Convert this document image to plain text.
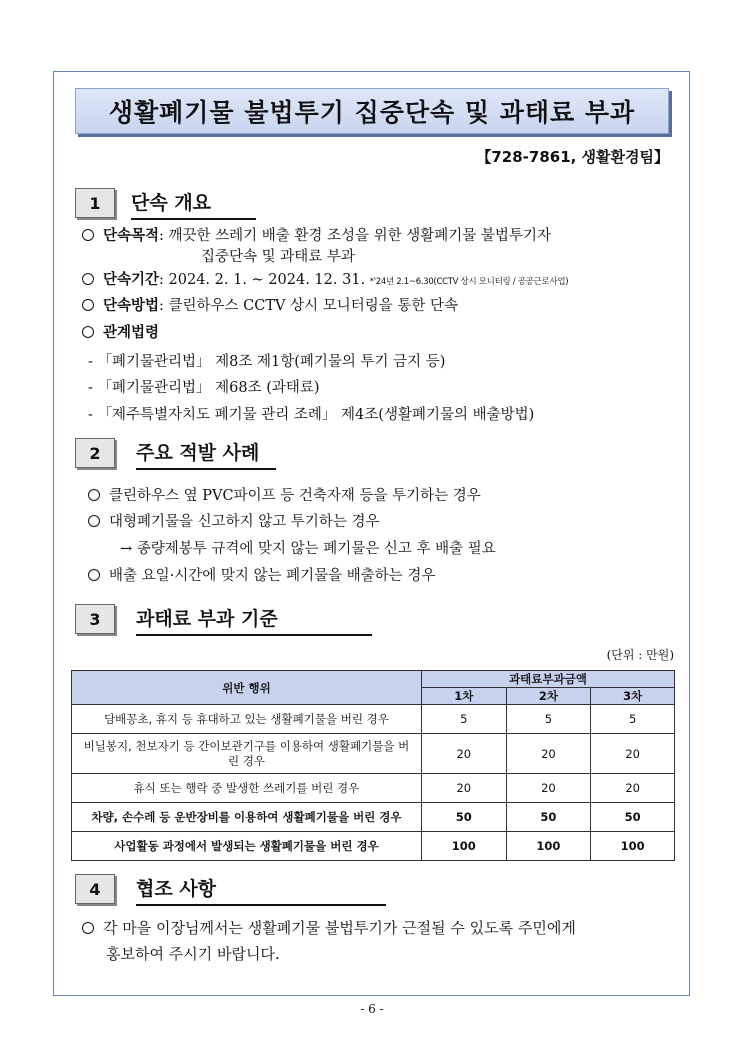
생활폐기물 불법투기 집중단속 및 과태료 부과
【728-7861, 생활환경팀】
1	단속 개요
단속목적: 깨끗한 쓰레기 배출 환경 조성을 위한 생활폐기물 불법투기자
집중단속 및 과태료 부과
단속기간: 2024. 2. 1. ~ 2024. 12. 31. *'24년 2.1~6.30(CCTV 상시 모니터링 / 공공근로사업)
단속방법: 클린하우스 CCTV 상시 모니터링을 통한 단속
관계법령
- 「폐기물관리법」 제8조 제1항(폐기물의 투기 금지 등)
- 「폐기물관리법」 제68조 (과태료)
- 「제주특별자치도 폐기물 관리 조례」 제4조(생활폐기물의 배출방법)
2	주요 적발 사례
클린하우스 옆 PVC파이프 등 건축자재 등을 투기하는 경우
대형폐기물을 신고하지 않고 투기하는 경우
→ 종량제봉투 규격에 맞지 않는 폐기물은 신고 후 배출 필요
배출 요일·시간에 맞지 않는 폐기물을 배출하는 경우
3	과태료 부과 기준
(단위 : 만원)
위반 행위	과태료부과금액		
	1차	2차	3차
담배꽁초, 휴지 등 휴대하고 있는 생활폐기물을 버린 경우	5	5	5

비닐봉지, 천보자기 등 간이보관기구를 이용하여 생활폐기물을 버린 경우	20	20	20
휴식 또는 행락 중 발생한 쓰레기를 버린 경우	20	20	20
차량, 손수레 등 운반장비를 이용하여 생활폐기물을 버린 경우	50	50	50
사업활동 과정에서 발생되는 생활폐기물을 버린 경우	100	100	100
4	협조 사항
각 마을 이장님께서는 생활폐기물 불법투기가 근절될 수 있도록 주민에게
홍보하여 주시기 바랍니다.
- 6 -
